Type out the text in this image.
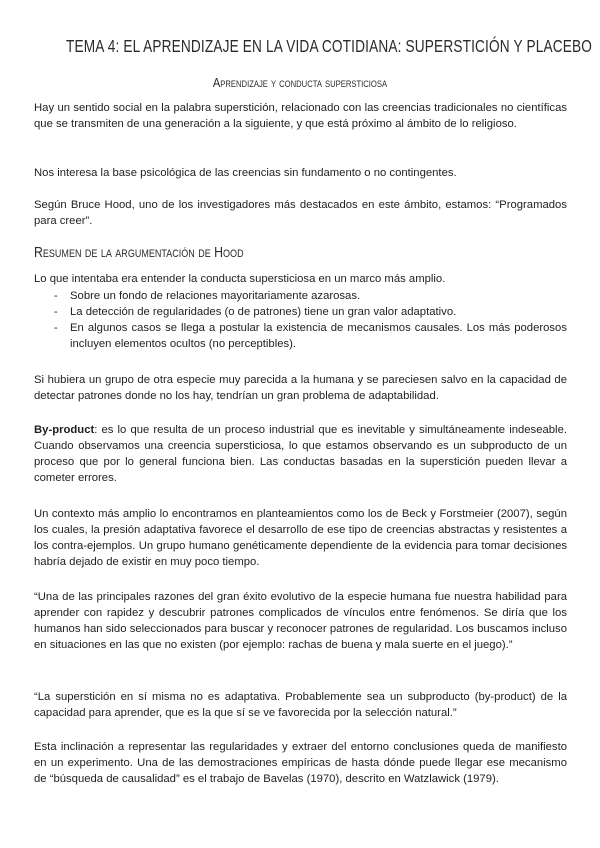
TEMA 4: EL APRENDIZAJE EN LA VIDA COTIDIANA: SUPERSTICIÓN Y PLACEBO
Aprendizaje y conducta supersticiosa

Hay un sentido social en la palabra superstición, relacionado con las creencias tradicionales no científicas que se transmiten de una generación a la siguiente, y que está próximo al ámbito de lo religioso.

Nos interesa la base psicológica de las creencias sin fundamento o no contingentes.

Según Bruce Hood, uno de los investigadores más destacados en este ámbito, estamos: “Programados para creer”.

Resumen de la argumentación de Hood

Lo que intentaba era entender la conducta supersticiosa en un marco más amplio.

- Sobre un fondo de relaciones mayoritariamente azarosas.
- La detección de regularidades (o de patrones) tiene un gran valor adaptativo.
- En algunos casos se llega a postular la existencia de mecanismos causales. Los más poderosos incluyen elementos ocultos (no perceptibles).

Si hubiera un grupo de otra especie muy parecida a la humana y se pareciesen salvo en la capacidad de detectar patrones donde no los hay, tendrían un gran problema de adaptabilidad.

By-product: es lo que resulta de un proceso industrial que es inevitable y simultáneamente indeseable. Cuando observamos una creencia supersticiosa, lo que estamos observando es un subproducto de un proceso que por lo general funciona bien. Las conductas basadas en la superstición pueden llevar a cometer errores.

Un contexto más amplio lo encontramos en planteamientos como los de Beck y Forstmeier (2007), según los cuales, la presión adaptativa favorece el desarrollo de ese tipo de creencias abstractas y resistentes a los contra-ejemplos. Un grupo humano genéticamente dependiente de la evidencia para tomar decisiones habría dejado de existir en muy poco tiempo.

“Una de las principales razones del gran éxito evolutivo de la especie humana fue nuestra habilidad para aprender con rapidez y descubrir patrones complicados de vínculos entre fenómenos. Se diría que los humanos han sido seleccionados para buscar y reconocer patrones de regularidad. Los buscamos incluso en situaciones en las que no existen (por ejemplo: rachas de buena y mala suerte en el juego).”

“La superstición en sí misma no es adaptativa. Probablemente sea un subproducto (by-product) de la capacidad para aprender, que es la que sí se ve favorecida por la selección natural.”

Esta inclinación a representar las regularidades y extraer del entorno conclusiones queda de manifiesto en un experimento. Una de las demostraciones empíricas de hasta dónde puede llegar ese mecanismo de “búsqueda de causalidad” es el trabajo de Bavelas (1970), descrito en Watzlawick (1979).
